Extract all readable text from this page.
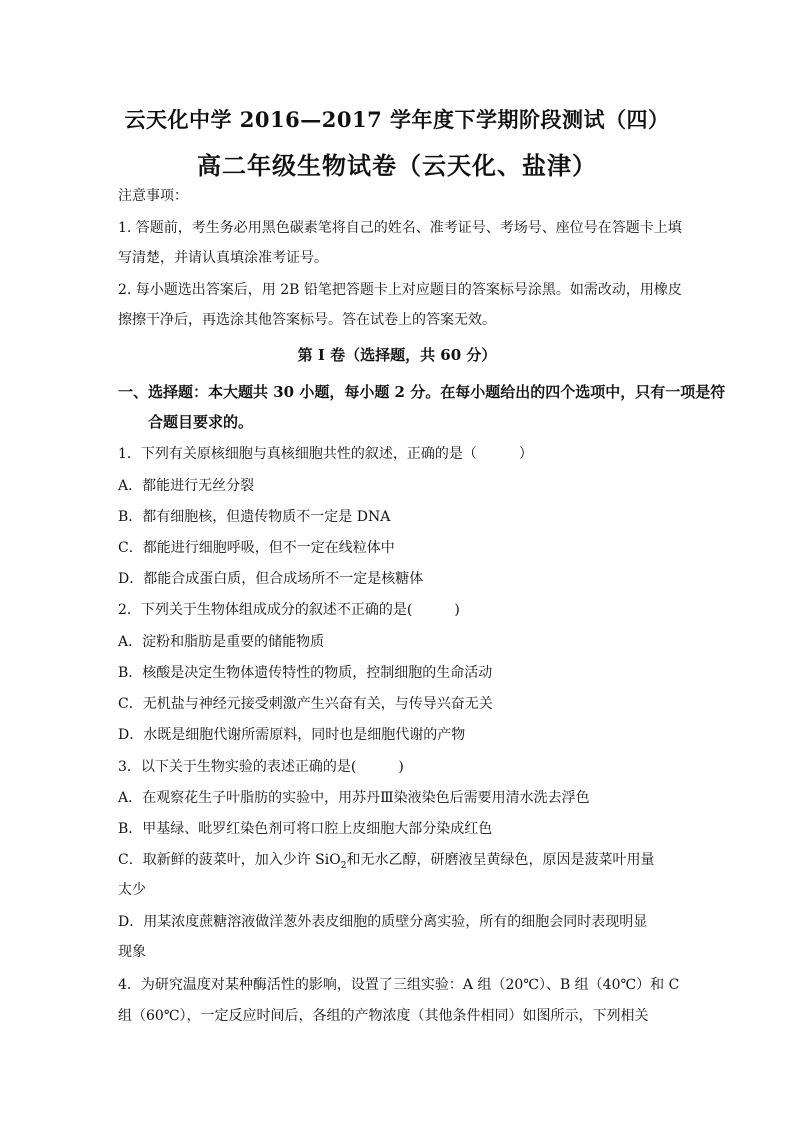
云天化中学 2016—2017 学年度下学期阶段测试（四）
高二年级生物试卷（云天化、盐津）
注意事项：
1. 答题前，考生务必用黑色碳素笔将自己的姓名、准考证号、考场号、座位号在答题卡上填
写清楚，并请认真填涂准考证号。
2. 每小题选出答案后，用 2B 铅笔把答题卡上对应题目的答案标号涂黑。如需改动，用橡皮
擦擦干净后，再选涂其他答案标号。答在试卷上的答案无效。
第 I 卷（选择题，共 60 分）
一、选择题：本大题共 30 小题，每小题 2 分。在每小题给出的四个选项中，只有一项是符
合题目要求的。
1．下列有关原核细胞与真核细胞共性的叙述，正确的是（　　　）
A．都能进行无丝分裂
B．都有细胞核，但遗传物质不一定是 DNA
C．都能进行细胞呼吸，但不一定在线粒体中
D．都能合成蛋白质，但合成场所不一定是核糖体
2．下列关于生物体组成成分的叙述不正确的是(　　　)
A．淀粉和脂肪是重要的储能物质
B．核酸是决定生物体遗传特性的物质，控制细胞的生命活动
C．无机盐与神经元接受刺激产生兴奋有关，与传导兴奋无关
D．水既是细胞代谢所需原料，同时也是细胞代谢的产物
3．以下关于生物实验的表述正确的是(　　　)
A．在观察花生子叶脂肪的实验中，用苏丹Ⅲ染液染色后需要用清水洗去浮色
B．甲基绿、吡罗红染色剂可将口腔上皮细胞大部分染成红色
C．取新鲜的菠菜叶，加入少许 SiO$_2$和无水乙醇，研磨液呈黄绿色，原因是菠菜叶用量
太少
D．用某浓度蔗糖溶液做洋葱外表皮细胞的质壁分离实验，所有的细胞会同时表现明显
现象
4．为研究温度对某种酶活性的影响，设置了三组实验：A 组（20℃）、B 组（40℃）和 C
组（60℃），一定反应时间后，各组的产物浓度（其他条件相同）如图所示，下列相关
